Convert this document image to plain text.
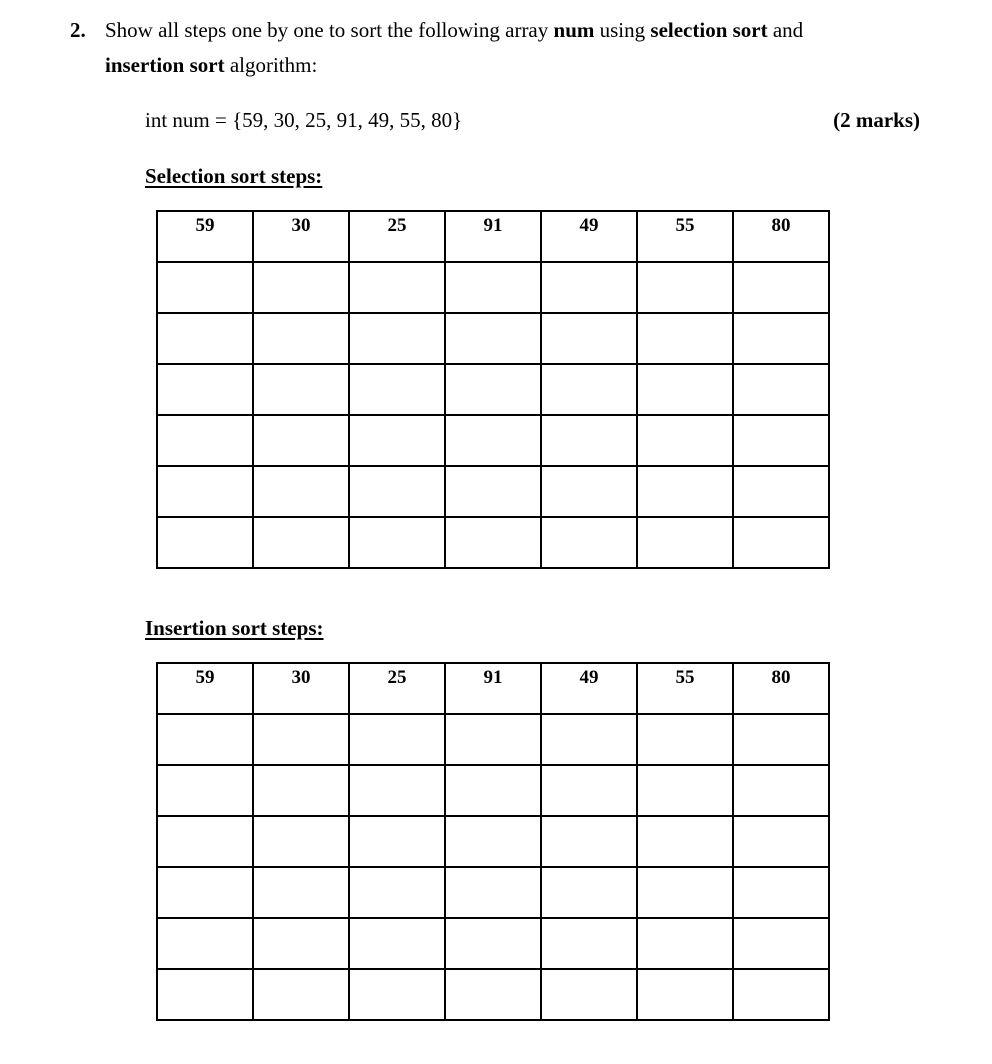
2. Show all steps one by one to sort the following array num using selection sort and
insertion sort algorithm:
int num = {59, 30, 25, 91, 49, 55, 80}	(2 marks)
Selection sort steps:
59	30	25	91	49	55	80

Insertion sort steps:
59	30	25	91	49	55	80
